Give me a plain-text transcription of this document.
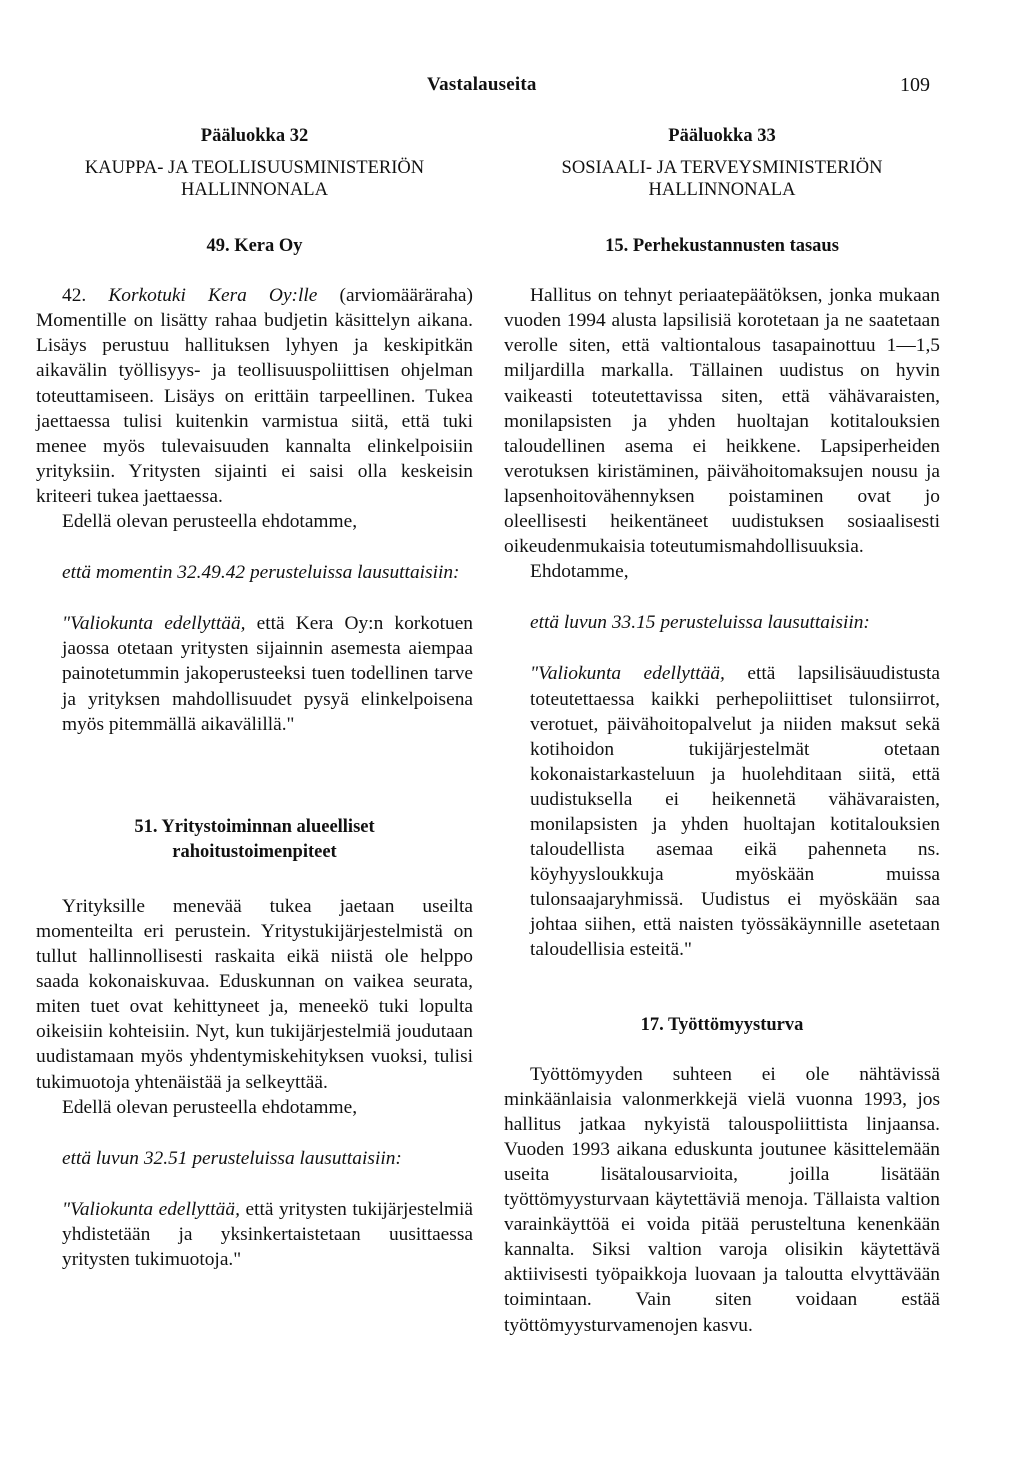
Vastalauseita	109

Pääluokka 32

KAUPPA- JA TEOLLISUUSMINISTERIÖN HALLINNONALA

49. Kera Oy

42. Korkotuki Kera Oy:lle (arviomääräraha) Momentille on lisätty rahaa budjetin käsittelyn aikana. Lisäys perustuu hallituksen lyhyen ja keskipitkän aikavälin työllisyys- ja teollisuuspoliittisen ohjelman toteuttamiseen. Lisäys on erittäin tarpeellinen. Tukea jaettaessa tulisi kuitenkin varmistua siitä, että tuki menee myös tulevaisuuden kannalta elinkelpoisiin yrityksiin. Yritysten sijainti ei saisi olla keskeisin kriteeri tukea jaettaessa.

Edellä olevan perusteella ehdotamme,

että momentin 32.49.42 perusteluissa lausuttaisiin:

"Valiokunta edellyttää, että Kera Oy:n korkotuen jaossa otetaan yritysten sijainnin asemesta aiempaa painotetummin jakoperusteeksi tuen todellinen tarve ja yrityksen mahdollisuudet pysyä elinkelpoisena myös pitemmällä aikavälillä."

51. Yritystoiminnan alueelliset rahoitustoimenpiteet

Yrityksille menevää tukea jaetaan useilta momenteilta eri perustein. Yritystukijärjestelmistä on tullut hallinnollisesti raskaita eikä niistä ole helppo saada kokonaiskuvaa. Eduskunnan on vaikea seurata, miten tuet ovat kehittyneet ja, meneekö tuki lopulta oikeisiin kohteisiin. Nyt, kun tukijärjestelmiä joudutaan uudistamaan myös yhdentymiskehityksen vuoksi, tulisi tukimuotoja yhtenäistää ja selkeyttää.

Edellä olevan perusteella ehdotamme,

että luvun 32.51 perusteluissa lausuttaisiin:

"Valiokunta edellyttää, että yritysten tukijärjestelmiä yhdistetään ja yksinkertaistetaan uusittaessa yritysten tukimuotoja."

Pääluokka 33

SOSIAALI- JA TERVEYSMINISTERIÖN HALLINNONALA

15. Perhekustannusten tasaus

Hallitus on tehnyt periaatepäätöksen, jonka mukaan vuoden 1994 alusta lapsilisiä korotetaan ja ne saatetaan verolle siten, että valtiontalous tasapainottuu 1—1,5 miljardilla markalla. Tällainen uudistus on hyvin vaikeasti toteutettavissa siten, että vähävaraisten, monilapsisten ja yhden huoltajan kotitalouksien taloudellinen asema ei heikkene. Lapsiperheiden verotuksen kiristäminen, päivähoitomaksujen nousu ja lapsenhoitovähennyksen poistaminen ovat jo oleellisesti heikentäneet uudistuksen sosiaalisesti oikeudenmukaisia toteutumismahdollisuuksia.

Ehdotamme,

että luvun 33.15 perusteluissa lausuttaisiin:

"Valiokunta edellyttää, että lapsilisäuudistusta toteutettaessa kaikki perhepoliittiset tulonsiirrot, verotuet, päivähoitopalvelut ja niiden maksut sekä kotihoidon tukijärjestelmät otetaan kokonaistarkasteluun ja huolehditaan siitä, että uudistuksella ei heikennetä vähävaraisten, monilapsisten ja yhden huoltajan kotitalouksien taloudellista asemaa eikä pahenneta ns. köyhyysloukkuja myöskään muissa tulonsaajaryhmissä. Uudistus ei myöskään saa johtaa siihen, että naisten työssäkäynnille asetetaan taloudellisia esteitä."

17. Työttömyysturva

Työttömyyden suhteen ei ole nähtävissä minkäänlaisia valonmerkkejä vielä vuonna 1993, jos hallitus jatkaa nykyistä talouspoliittista linjaansa. Vuoden 1993 aikana eduskunta joutunee käsittelemään useita lisätalousarvioita, joilla lisätään työttömyysturvaan käytettäviä menoja. Tällaista valtion varainkäyttöä ei voida pitää perusteltuna kenenkään kannalta. Siksi valtion varoja olisikin käytettävä aktiivisesti työpaikkoja luovaan ja taloutta elvyttävään toimintaan. Vain siten voidaan estää työttömyysturvamenojen kasvu.
